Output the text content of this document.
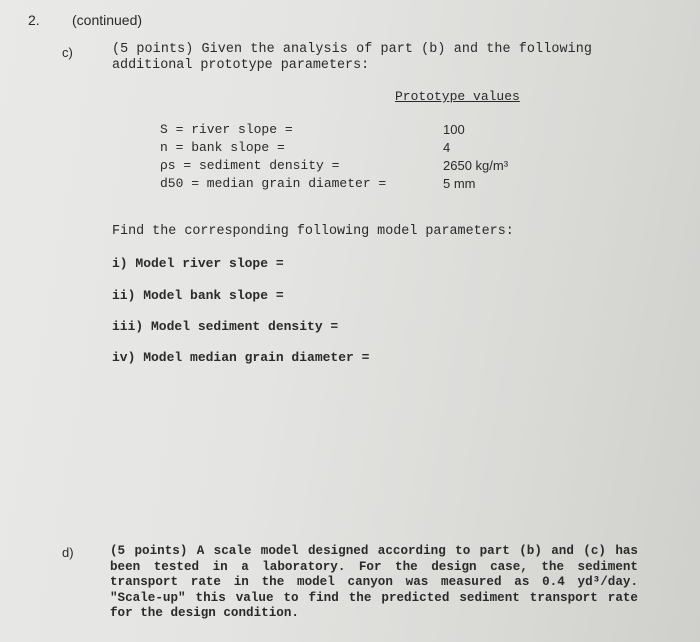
2. (continued)
c)	(5 points) Given the analysis of part (b) and the following
additional prototype parameters:
Prototype values
S = river slope =	100
n = bank slope =	4
ρs = sediment density =	2650 kg/m³
d50 = median grain diameter =	5 mm
Find the corresponding following model parameters:
i) Model river slope =
ii) Model bank slope =
iii) Model sediment density =
iv) Model median grain diameter =
d)	(5 points) A scale model designed according to part (b) and (c) has been tested in a laboratory. For the design case, the sediment transport rate in the model canyon was measured as 0.4 yd³/day. "Scale-up" this value to find the predicted sediment transport rate for the design condition.
